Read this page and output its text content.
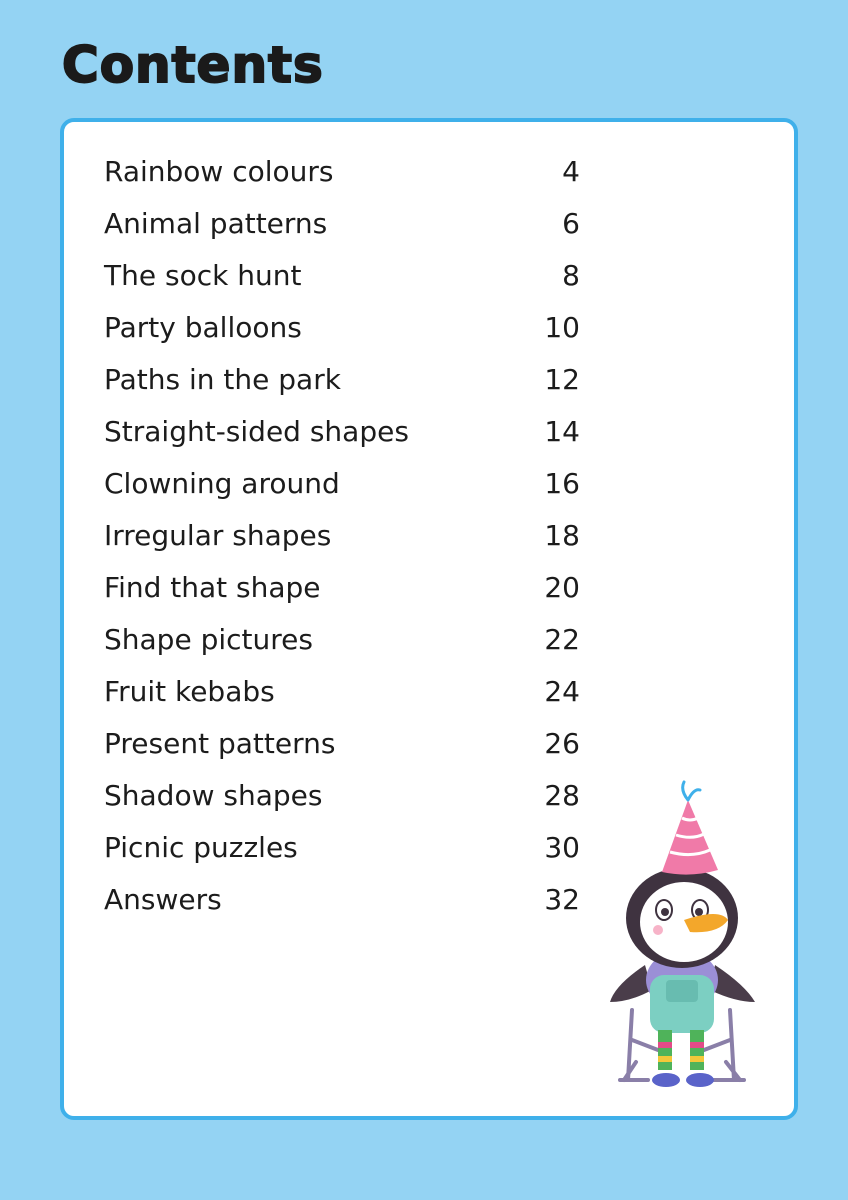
Contents
Rainbow colours	4
Animal patterns	6
The sock hunt	8
Party balloons	10
Paths in the park	12
Straight-sided shapes	14
Clowning around	16
Irregular shapes	18
Find that shape	20
Shape pictures	22
Fruit kebabs	24
Present patterns	26
Shadow shapes	28
Picnic puzzles	30
Answers	32
